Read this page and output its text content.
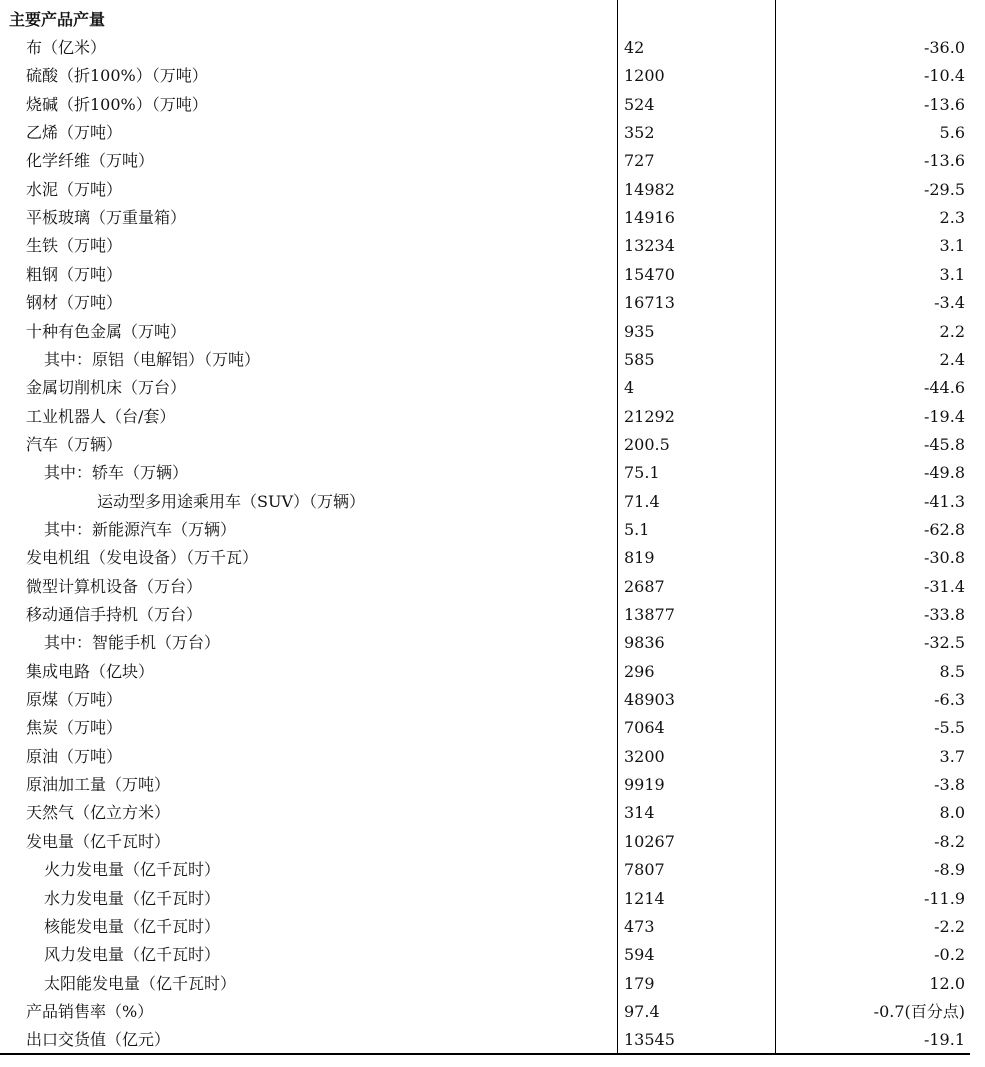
主要产品产量
布（亿米）	42	-36.0
硫酸（折100%）（万吨）	1200	-10.4
烧碱（折100%）（万吨）	524	-13.6
乙烯（万吨）	352	5.6
化学纤维（万吨）	727	-13.6
水泥（万吨）	14982	-29.5
平板玻璃（万重量箱）	14916	2.3
生铁（万吨）	13234	3.1
粗钢（万吨）	15470	3.1
钢材（万吨）	16713	-3.4
十种有色金属（万吨）	935	2.2
其中：原铝（电解铝）（万吨）	585	2.4
金属切削机床（万台）	4	-44.6
工业机器人（台/套）	21292	-19.4
汽车（万辆）	200.5	-45.8
其中：轿车（万辆）	75.1	-49.8
运动型多用途乘用车（SUV）（万辆）	71.4	-41.3
其中：新能源汽车（万辆）	5.1	-62.8
发电机组（发电设备）（万千瓦）	819	-30.8
微型计算机设备（万台）	2687	-31.4
移动通信手持机（万台）	13877	-33.8
其中：智能手机（万台）	9836	-32.5
集成电路（亿块）	296	8.5
原煤（万吨）	48903	-6.3
焦炭（万吨）	7064	-5.5
原油（万吨）	3200	3.7
原油加工量（万吨）	9919	-3.8
天然气（亿立方米）	314	8.0
发电量（亿千瓦时）	10267	-8.2
火力发电量（亿千瓦时）	7807	-8.9
水力发电量（亿千瓦时）	1214	-11.9
核能发电量（亿千瓦时）	473	-2.2
风力发电量（亿千瓦时）	594	-0.2
太阳能发电量（亿千瓦时）	179	12.0
产品销售率（%）	97.4	-0.7(百分点)
出口交货值（亿元）	13545	-19.1
